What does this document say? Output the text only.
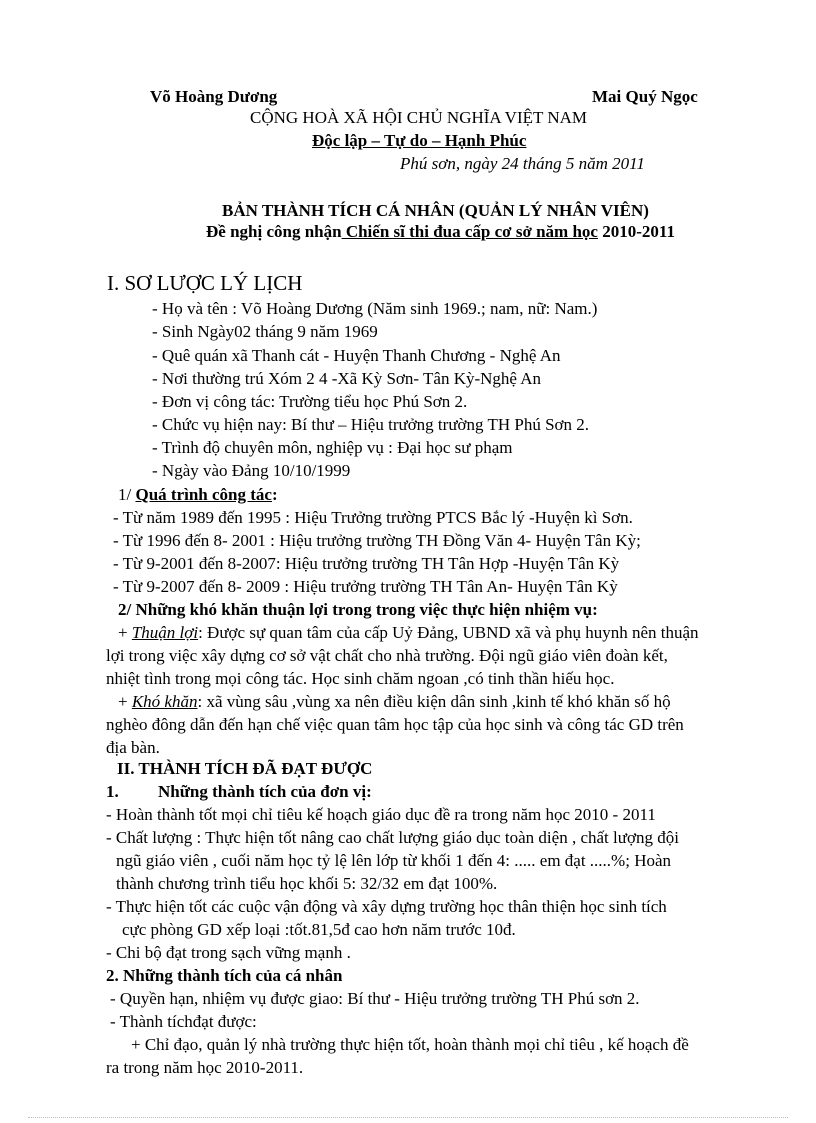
Võ Hoàng Dương	Mai Quý Ngọc
CỘNG HOÀ XÃ HỘI CHỦ NGHĨA VIỆT NAM
Độc lập – Tự do – Hạnh Phúc
Phú sơn, ngày 24 tháng 5 năm 2011
BẢN THÀNH TÍCH CÁ NHÂN (QUẢN LÝ NHÂN VIÊN)
Đề nghị công nhận Chiến sĩ thi đua cấp cơ sở năm học 2010-2011
I. SƠ LƯỢC LÝ LỊCH
- Họ và tên : Võ Hoàng Dương (Năm sinh 1969.; nam, nữ: Nam.)
- Sinh Ngày02 tháng 9 năm 1969
- Quê quán xã Thanh cát - Huyện Thanh Chương - Nghệ An
- Nơi thường trú Xóm 2 4 -Xã Kỳ Sơn- Tân Kỳ-Nghệ An
- Đơn vị công tác: Trường tiểu học Phú Sơn 2.
- Chức vụ hiện nay: Bí thư – Hiệu trưởng trường TH Phú Sơn 2.
- Trình độ chuyên môn, nghiệp vụ : Đại học sư phạm
- Ngày vào Đảng 10/10/1999
1/ Quá trình công tác:
- Từ năm 1989 đến 1995 : Hiệu Trưởng trường PTCS Bắc lý -Huyện kì Sơn.
- Từ 1996 đến 8- 2001 : Hiệu trưởng trường TH Đồng Văn 4- Huyện Tân Kỳ;
- Từ 9-2001 đến 8-2007: Hiệu trưởng trường TH Tân Hợp -Huyện Tân Kỳ
- Từ 9-2007 đến 8- 2009 : Hiệu trưởng trường TH Tân An- Huyện Tân Kỳ
2/ Những khó khăn thuận lợi trong trong việc thực hiện nhiệm vụ:
+ Thuận lợi: Được sự quan tâm của cấp Uỷ Đảng, UBND xã và phụ huynh nên thuận
lợi trong việc xây dựng cơ sở vật chất cho nhà trường. Đội ngũ giáo viên đoàn kết,
nhiệt tình trong mọi công tác. Học sinh chăm ngoan ,có tinh thần hiếu học.
+ Khó khăn: xã vùng sâu ,vùng xa nên điều kiện dân sinh ,kinh tế khó khăn số hộ
nghèo đông dẫn đến hạn chế việc quan tâm học tập của học sinh và công tác GD trên
địa bàn.
II. THÀNH TÍCH ĐÃ ĐẠT ĐƯỢC
1. Những thành tích của đơn vị:
- Hoàn thành tốt mọi chỉ tiêu kế hoạch giáo dục đề ra trong năm học 2010 - 2011
- Chất lượng : Thực hiện tốt nâng cao chất lượng giáo dục toàn diện , chất lượng đội
ngũ giáo viên , cuối năm học tỷ lệ lên lớp từ khối 1 đến 4: ..... em đạt .....%; Hoàn
thành chương trình tiểu học khối 5: 32/32 em đạt 100%.
- Thực hiện tốt các cuộc vận động và xây dựng trường học thân thiện học sinh tích
cực phòng GD xếp loại :tốt.81,5đ cao hơn năm trước 10đ.
- Chi bộ đạt trong sạch vững mạnh .
2. Những thành tích của cá nhân
- Quyền hạn, nhiệm vụ được giao: Bí thư - Hiệu trưởng trường TH Phú sơn 2.
- Thành tíchđạt được:
+ Chỉ đạo, quản lý nhà trường thực hiện tốt, hoàn thành mọi chỉ tiêu , kế hoạch đề
ra trong năm học 2010-2011.
